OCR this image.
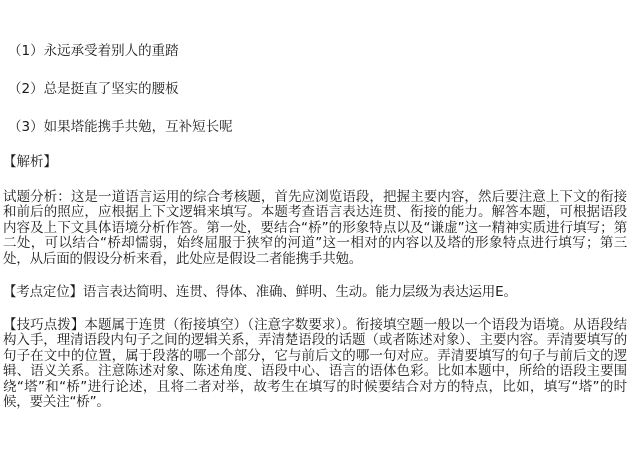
（1）永远承受着别人的重踏
（2）总是挺直了坚实的腰板
（3）如果塔能携手共勉，互补短长呢
【解析】
试题分析：这是一道语言运用的综合考核题，首先应浏览语段，把握主要内容，然后要注意上下文的衔接和前后的照应，应根据上下文逻辑来填写。本题考查语言表达连贯、衔接的能力。解答本题，可根据语段内容及上下文具体语境分析作答。第一处，要结合“桥”的形象特点以及“谦虚”这一精神实质进行填写；第二处，可以结合“桥却懦弱，始终屈服于狭窄的河道”这一相对的内容以及塔的形象特点进行填写；第三处，从后面的假设分析来看，此处应是假设二者能携手共勉。
【考点定位】语言表达简明、连贯、得体、准确、鲜明、生动。能力层级为表达运用E。
【技巧点拨】本题属于连贯（衔接填空）（注意字数要求）。衔接填空题一般以一个语段为语境。从语段结构入手，理清语段内句子之间的逻辑关系，弄清楚语段的话题（或者陈述对象）、主要内容。弄清要填写的句子在文中的位置，属于段落的哪一个部分，它与前后文的哪一句对应。弄清要填写的句子与前后文的逻辑、语义关系。注意陈述对象、陈述角度、语段中心、语言的语体色彩。比如本题中，所给的语段主要围绕“塔”和“桥”进行论述，且将二者对举，故考生在填写的时候要结合对方的特点，比如，填写“塔”的时候，要关注“桥”。
